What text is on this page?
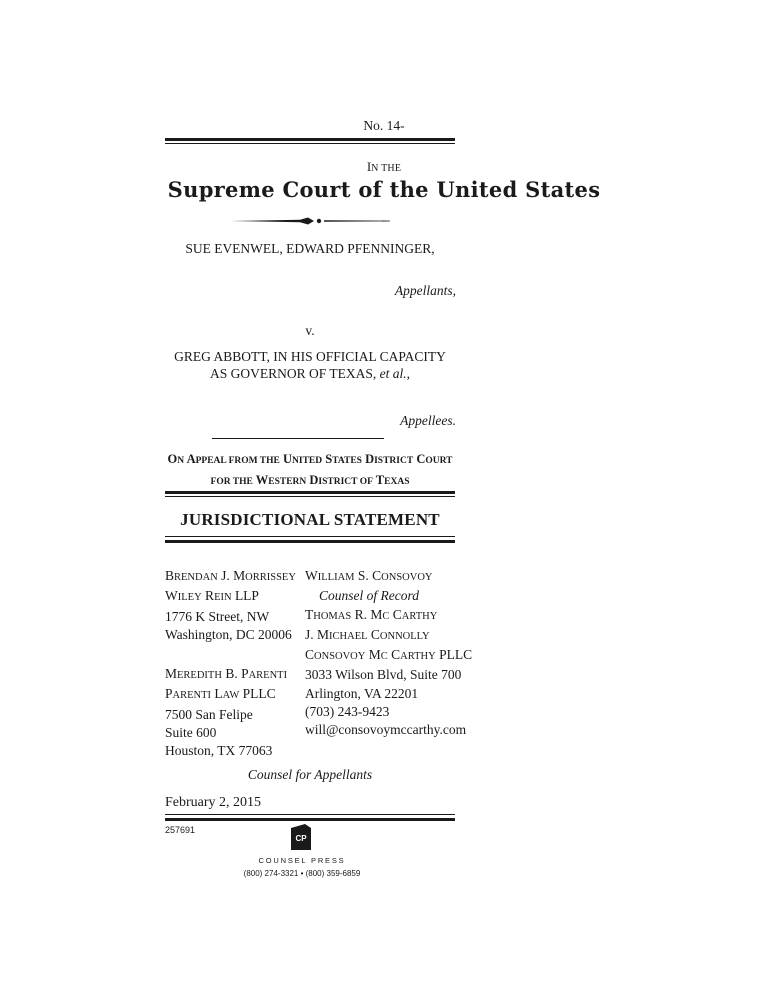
No. 14-
IN THE
Supreme Court of the United States
SUE EVENWEL, EDWARD PFENNINGER,
Appellants,
v.
GREG ABBOTT, IN HIS OFFICIAL CAPACITY
AS GOVERNOR OF TEXAS, et al.,
Appellees.
ON APPEAL FROM THE UNITED STATES DISTRICT COURT
FOR THE WESTERN DISTRICT OF TEXAS
JURISDICTIONAL STATEMENT
BRENDAN J. MORRISSEY
WILEY REIN LLP
1776 K Street, NW
Washington, DC 20006
MEREDITH B. PARENTI
PARENTI LAW PLLC
7500 San Felipe
Suite 600
Houston, TX 77063
WILLIAM S. CONSOVOY
Counsel of Record
THOMAS R. MC CARTHY
J. MICHAEL CONNOLLY
CONSOVOY MC CARTHY PLLC
3033 Wilson Blvd, Suite 700
Arlington, VA 22201
(703) 243-9423
will@consovoymccarthy.com
Counsel for Appellants
February 2, 2015
257691
CP
COUNSEL PRESS
(800) 274-3321 • (800) 359-6859
